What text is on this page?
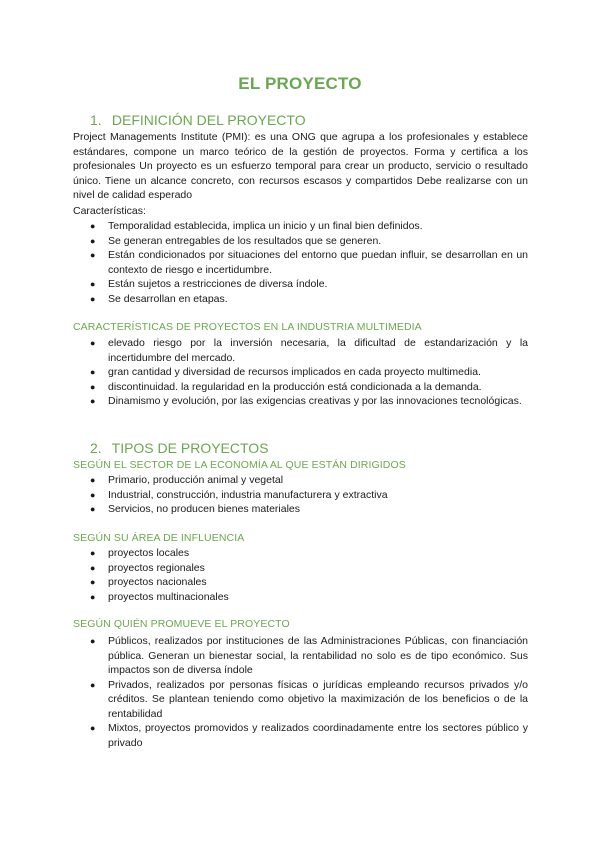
EL PROYECTO
1. DEFINICIÓN DEL PROYECTO

Project Managements Institute (PMI): es una ONG que agrupa a los profesionales y establece estándares, compone un marco teórico de la gestión de proyectos. Forma y certifica a los profesionales Un proyecto es un esfuerzo temporal para crear un producto, servicio o resultado único. Tiene un alcance concreto, con recursos escasos y compartidos Debe realizarse con un nivel de calidad esperado

Características:
● Temporalidad establecida, implica un inicio y un final bien definidos.
● Se generan entregables de los resultados que se generen.
● Están condicionados por situaciones del entorno que puedan influir, se desarrollan en un contexto de riesgo e incertidumbre.
● Están sujetos a restricciones de diversa índole.
● Se desarrollan en etapas.
CARACTERÍSTICAS DE PROYECTOS EN LA INDUSTRIA MULTIMEDIA
● elevado riesgo por la inversión necesaria, la dificultad de estandarización y la incertidumbre del mercado.
● gran cantidad y diversidad de recursos implicados en cada proyecto multimedia.
● discontinuidad. la regularidad en la producción está condicionada a la demanda.
● Dinamismo y evolución, por las exigencias creativas y por las innovaciones tecnológicas.
2. TIPOS DE PROYECTOS
SEGÚN EL SECTOR DE LA ECONOMÍA AL QUE ESTÁN DIRIGIDOS
● Primario, producción animal y vegetal
● Industrial, construcción, industria manufacturera y extractiva
● Servicios, no producen bienes materiales
SEGÚN SU ÁREA DE INFLUENCIA
● proyectos locales
● proyectos regionales
● proyectos nacionales
● proyectos multinacionales
SEGÚN QUIÉN PROMUEVE EL PROYECTO
● Públicos, realizados por instituciones de las Administraciones Públicas, con financiación pública. Generan un bienestar social, la rentabilidad no solo es de tipo económico. Sus impactos son de diversa índole
● Privados, realizados por personas físicas o jurídicas empleando recursos privados y/o créditos. Se plantean teniendo como objetivo la maximización de los beneficios o de la rentabilidad
● Mixtos, proyectos promovidos y realizados coordinadamente entre los sectores público y privado
